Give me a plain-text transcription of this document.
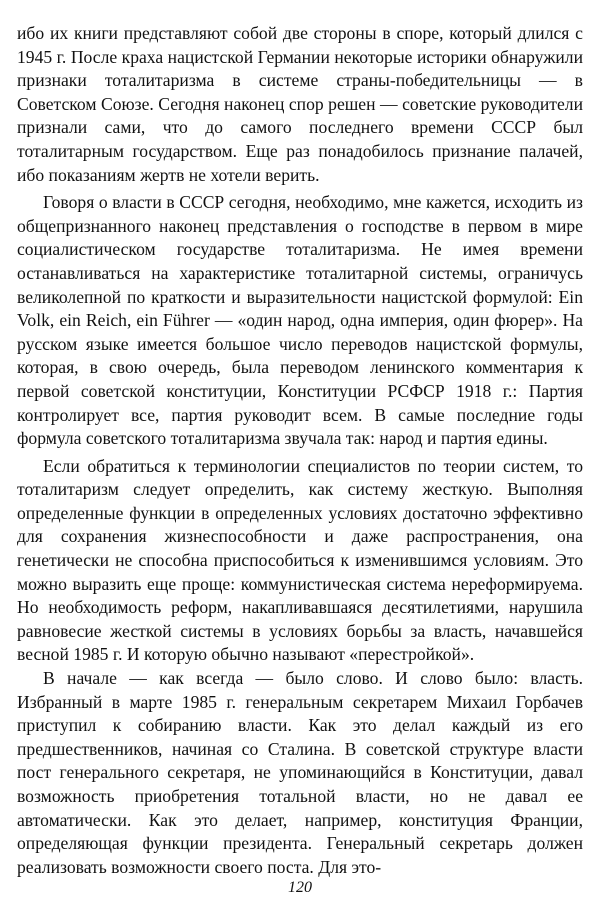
ибо их книги представляют собой две стороны в споре, который длился с 1945 г. После краха нацистской Германии некоторые историки обнаружили признаки тоталитаризма в системе страны-победительницы — в Советском Союзе. Сегодня наконец спор решен — советские руководители признали сами, что до самого последнего времени СССР был тоталитарным государством. Еще раз понадобилось признание палачей, ибо показаниям жертв не хотели верить.

Говоря о власти в СССР сегодня, необходимо, мне кажется, исходить из общепризнанного наконец представления о господстве в первом в мире социалистическом государстве тоталитаризма. Не имея времени останавливаться на характеристике тоталитарной системы, ограничусь великолепной по краткости и выразительности нацистской формулой: Ein Volk, ein Reich, ein Führer — «один народ, одна империя, один фюрер». На русском языке имеется большое число переводов нацистской формулы, которая, в свою очередь, была переводом ленинского комментария к первой советской конституции, Конституции РСФСР 1918 г.: Партия контролирует все, партия руководит всем. В самые последние годы формула советского тоталитаризма звучала так: народ и партия едины.

Если обратиться к терминологии специалистов по теории систем, то тоталитаризм следует определить, как систему жесткую. Выполняя определенные функции в определенных условиях достаточно эффективно для сохранения жизнеспособности и даже распространения, она генетически не способна приспособиться к изменившимся условиям. Это можно выразить еще проще: коммунистическая система нереформируема. Но необходимость реформ, накапливавшаяся десятилетиями, нарушила равновесие жесткой системы в условиях борьбы за власть, начавшейся весной 1985 г. И которую обычно называют «перестройкой».

В начале — как всегда — было слово. И слово было: власть. Избранный в марте 1985 г. генеральным секретарем Михаил Горбачев приступил к собиранию власти. Как это делал каждый из его предшественников, начиная со Сталина. В советской структуре власти пост генерального секретаря, не упоминающийся в Конституции, давал возможность приобретения тотальной власти, но не давал ее автоматически. Как это делает, например, конституция Франции, определяющая функции президента. Генеральный секретарь должен реализовать возможности своего поста. Для это-

120
